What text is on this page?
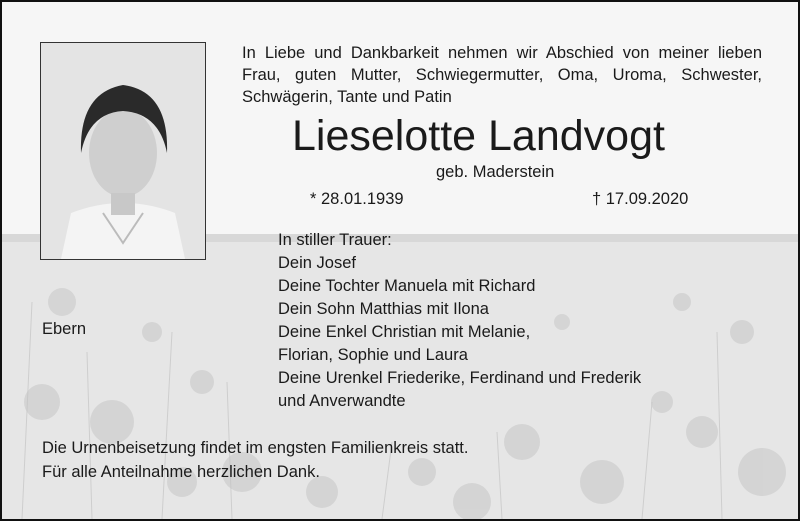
In Liebe und Dankbarkeit nehmen wir Abschied von meiner lieben Frau, guten Mutter, Schwiegermutter, Oma, Uroma, Schwester, Schwägerin, Tante und Patin

Lieselotte Landvogt
geb. Maderstein
* 28.01.1939	† 17.09.2020
In stiller Trauer:
Dein Josef
Deine Tochter Manuela mit Richard
Dein Sohn Matthias mit Ilona
Deine Enkel Christian mit Melanie,
Florian, Sophie und Laura
Deine Urenkel Friederike, Ferdinand und Frederik
und Anverwandte
Ebern
Die Urnenbeisetzung findet im engsten Familienkreis statt.
Für alle Anteilnahme herzlichen Dank.
